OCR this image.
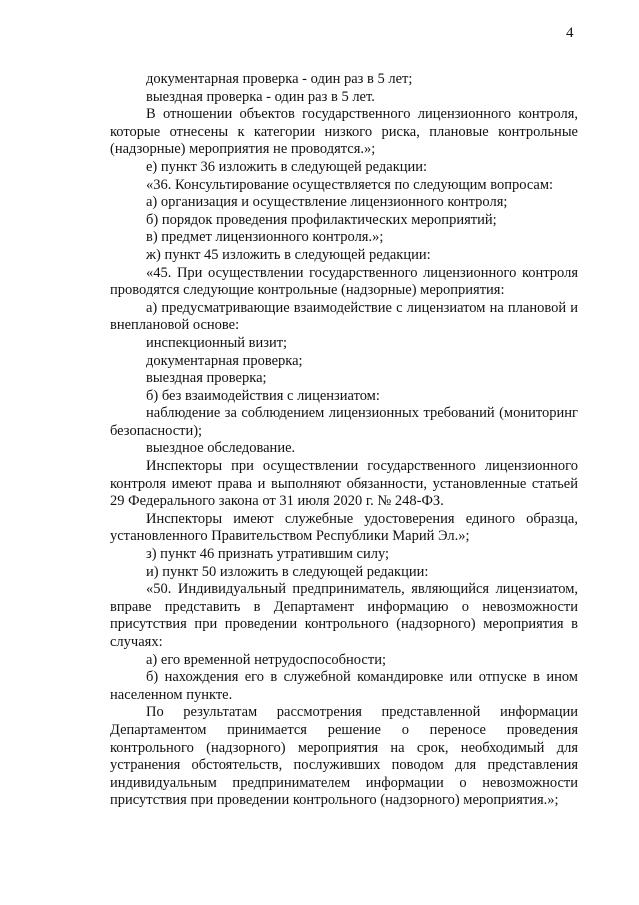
4

документарная проверка - один раз в 5 лет;

выездная проверка - один раз в 5 лет.

В отношении объектов государственного лицензионного контроля, которые отнесены к категории низкого риска, плановые контрольные (надзорные) мероприятия не проводятся.»;

е) пункт 36 изложить в следующей редакции:

«36. Консультирование осуществляется по следующим вопросам:

а) организация и осуществление лицензионного контроля;

б) порядок проведения профилактических мероприятий;

в) предмет лицензионного контроля.»;

ж) пункт 45 изложить в следующей редакции:

«45. При осуществлении государственного лицензионного контроля проводятся следующие контрольные (надзорные) мероприятия:

а) предусматривающие взаимодействие с лицензиатом на плановой и внеплановой основе:

инспекционный визит;

документарная проверка;

выездная проверка;

б) без взаимодействия с лицензиатом:

наблюдение за соблюдением лицензионных требований (мониторинг безопасности);

выездное обследование.

Инспекторы при осуществлении государственного лицензионного контроля имеют права и выполняют обязанности, установленные статьей 29 Федерального закона от 31 июля 2020 г. № 248-ФЗ.

Инспекторы имеют служебные удостоверения единого образца, установленного Правительством Республики Марий Эл.»;

з) пункт 46 признать утратившим силу;

и) пункт 50 изложить в следующей редакции:

«50. Индивидуальный предприниматель, являющийся лицензиатом, вправе представить в Департамент информацию о невозможности присутствия при проведении контрольного (надзорного) мероприятия в случаях:

а) его временной нетрудоспособности;

б) нахождения его в служебной командировке или отпуске в ином населенном пункте.

По результатам рассмотрения представленной информации Департаментом принимается решение о переносе проведения контрольного (надзорного) мероприятия на срок, необходимый для устранения обстоятельств, послуживших поводом для представления индивидуальным предпринимателем информации о невозможности присутствия при проведении контрольного (надзорного) мероприятия.»;
